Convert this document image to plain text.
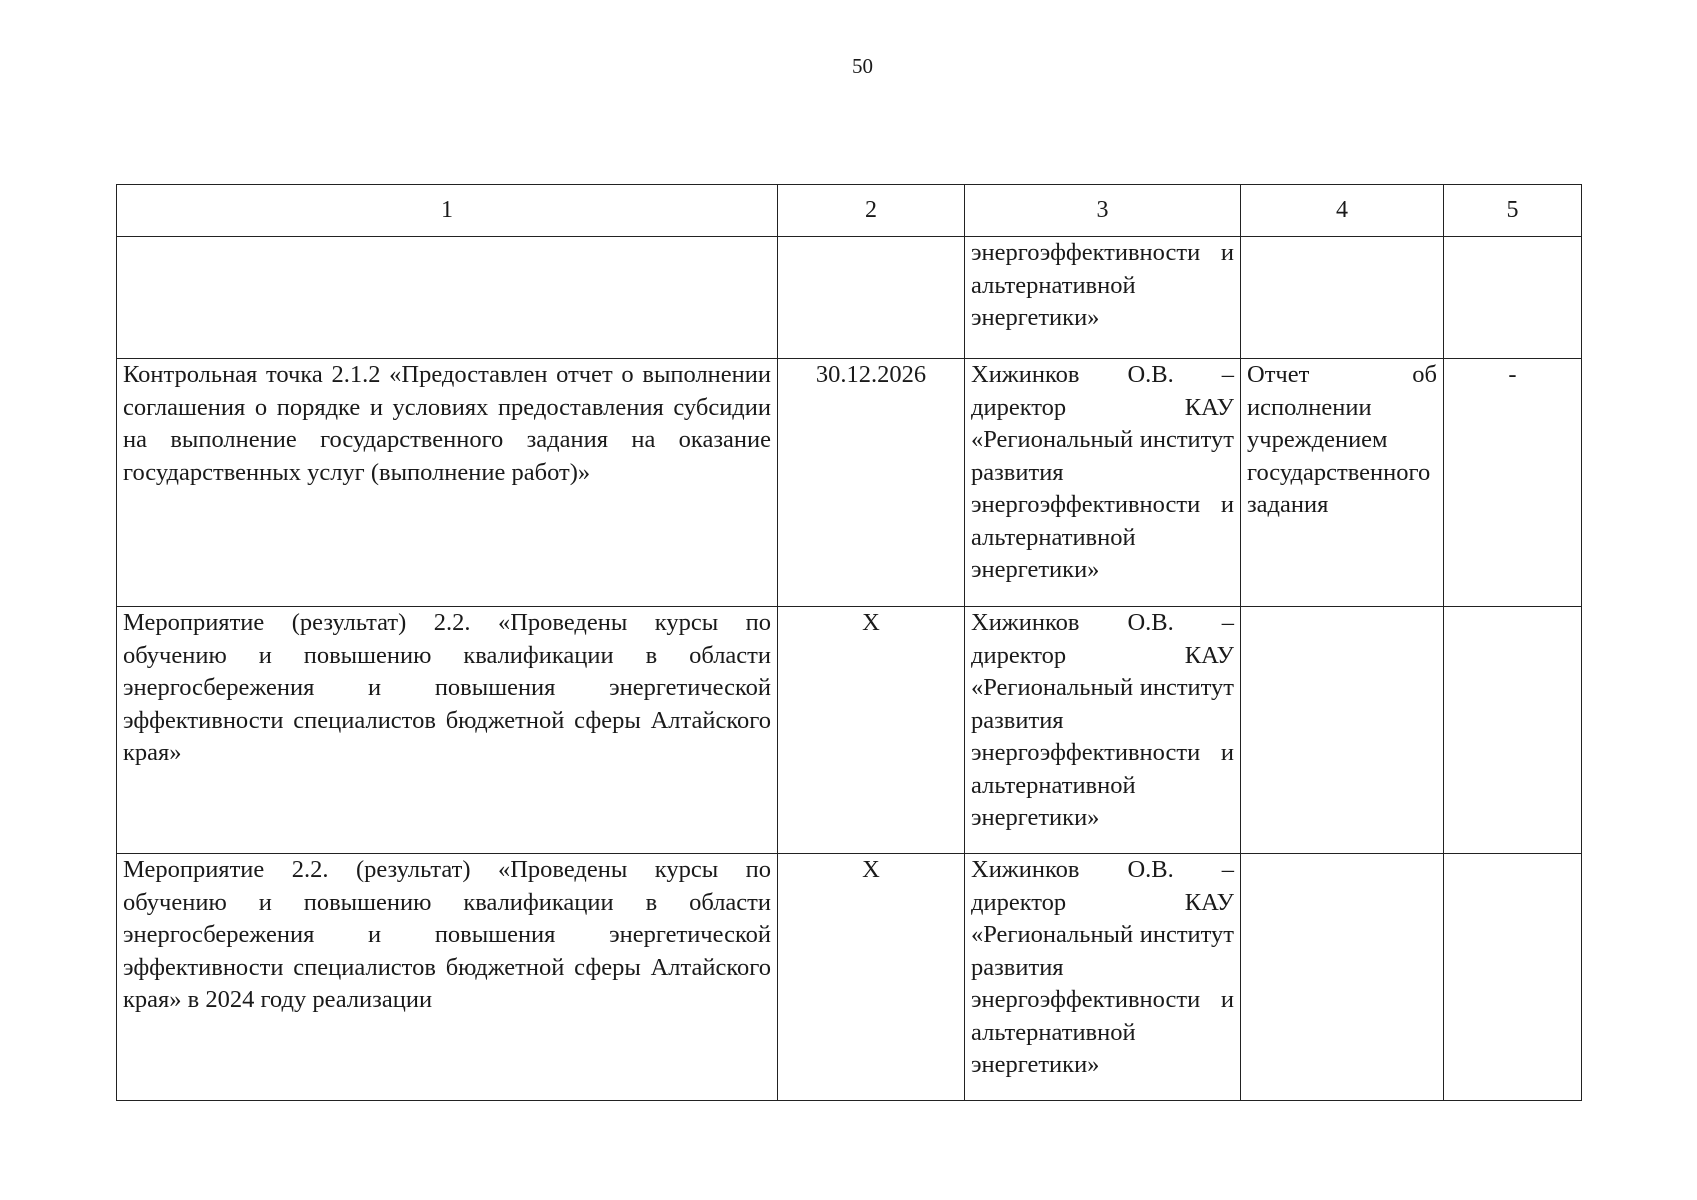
50
1	2	3	4	5
		энергоэффективности и альтернативной энергетики»		
Контрольная точка 2.1.2 «Предоставлен отчет о выполнении соглашения о порядке и условиях предоставления субсидии на выполнение государственного задания на оказание государственных услуг (выполнение работ)»	30.12.2026	Хижинков О.В. – директор КАУ «Региональный институт развития энергоэффективности и альтернативной энергетики»	Отчет об исполнении учреждением государственного задания	-
Мероприятие (результат) 2.2. «Проведены курсы по обучению и повышению квалификации в области энергосбережения и повышения энергетической эффективности специалистов бюджетной сферы Алтайского края»	X	Хижинков О.В. – директор КАУ «Региональный институт развития энергоэффективности и альтернативной энергетики»		
Мероприятие 2.2. (результат) «Проведены курсы по обучению и повышению квалификации в области энергосбережения и повышения энергетической эффективности специалистов бюджетной сферы Алтайского края» в 2024 году реализации	X	Хижинков О.В. – директор КАУ «Региональный институт развития энергоэффективности и альтернативной энергетики»		
